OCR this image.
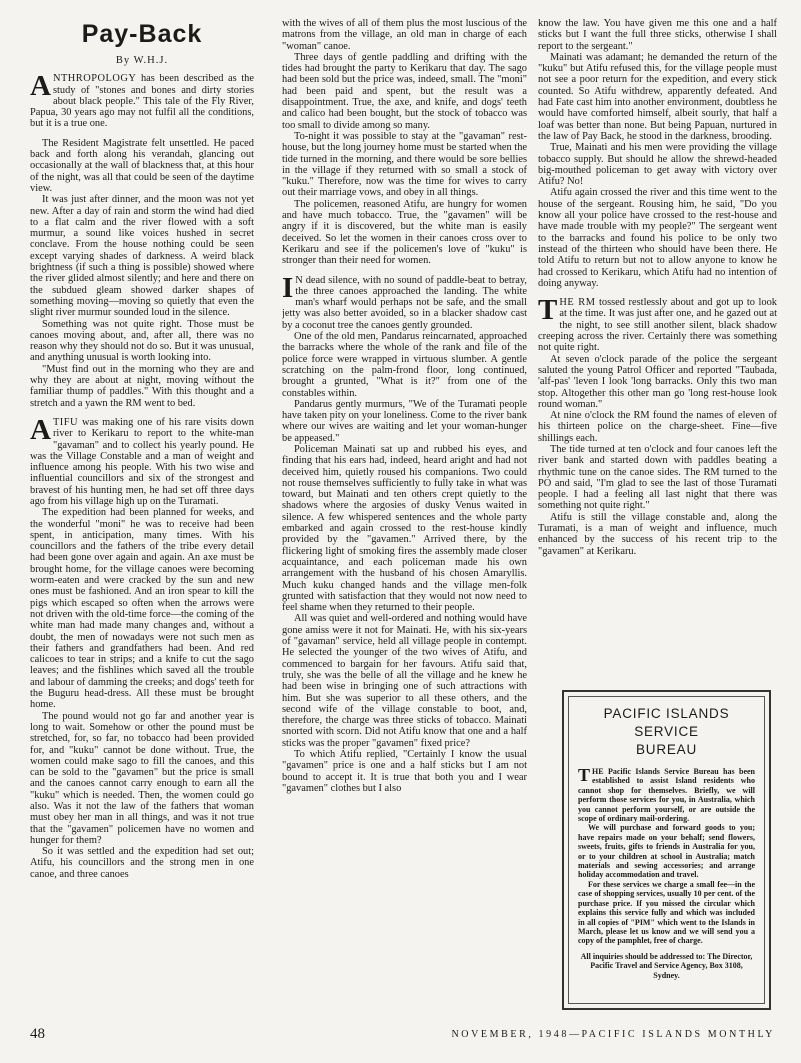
Pay-Back
By W.H.J.

ANTHROPOLOGY has been described as the study of "stones and bones and dirty stories about black people." This tale of the Fly River, Papua, 30 years ago may not fulfil all the conditions, but it is a true one.

The Resident Magistrate felt unsettled. He paced back and forth along his verandah, glancing out occasionally at the wall of blackness that, at this hour of the night, was all that could be seen of the daytime view.

It was just after dinner, and the moon was not yet new. After a day of rain and storm the wind had died to a flat calm and the river flowed with a soft murmur, a sound like voices hushed in secret conclave. From the house nothing could be seen except varying shades of darkness. A weird black brightness (if such a thing is possible) showed where the river glided almost silently; and here and there on the subdued gleam showed darker shapes of something moving—moving so quietly that even the slight river murmur sounded loud in the silence.

Something was not quite right. Those must be canoes moving about, and, after all, there was no reason why they should not do so. But it was unusual, and anything unusual is worth looking into.

"Must find out in the morning who they are and why they are about at night, moving without the familiar thump of paddles." With this thought and a stretch and a yawn the RM went to bed.

ATIFU was making one of his rare visits down river to Kerikaru to report to the white-man "gavaman" and to collect his yearly pound. He was the Village Constable and a man of weight and influence among his people. With his two wise and influential councillors and six of the strongest and bravest of his hunting men, he had set off three days ago from his village high up on the Turamati.

The expedition had been planned for weeks, and the wonderful "moni" he was to receive had been spent, in anticipation, many times. With his councillors and the fathers of the tribe every detail had been gone over again and again. An axe must be brought home, for the village canoes were becoming worm-eaten and were cracked by the sun and new ones must be fashioned. And an iron spear to kill the pigs which escaped so often when the arrows were not driven with the old-time force—the coming of the white man had made many changes and, without a doubt, the men of nowadays were not such men as their fathers and grandfathers had been. And red calicoes to tear in strips; and a knife to cut the sago leaves; and the fishlines which saved all the trouble and labour of damming the creeks; and dogs' teeth for the Buguru head-dress. All these must be brought home.

The pound would not go far and another year is long to wait. Somehow or other the pound must be stretched, for, so far, no tobacco had been provided for, and "kuku" cannot be done without. True, the women could make sago to fill the canoes, and this can be sold to the "gavamen" but the price is small and the canoes cannot carry enough to earn all the "kuku" which is needed. Then, the women could go also. Was it not the law of the fathers that woman must obey her man in all things, and was it not true that the "gavamen" policemen have no women and hunger for them?

So it was settled and the expedition had set out; Atifu, his councillors and the strong men in one canoe, and three canoes

with the wives of all of them plus the most luscious of the matrons from the village, an old man in charge of each "woman" canoe.

Three days of gentle paddling and drifting with the tides had brought the party to Kerikaru that day. The sago had been sold but the price was, indeed, small. The "moni" had been paid and spent, but the result was a disappointment. True, the axe, and knife, and dogs' teeth and calico had been bought, but the stock of tobacco was too small to divide among so many.

To-night it was possible to stay at the "gavaman" rest-house, but the long journey home must be started when the tide turned in the morning, and there would be sore bellies in the village if they returned with so small a stock of "kuku." Therefore, now was the time for wives to carry out their marriage vows, and obey in all things.

The policemen, reasoned Atifu, are hungry for women and have much tobacco. True, the "gavamen" will be angry if it is discovered, but the white man is easily deceived. So let the women in their canoes cross over to Kerikaru and see if the policemen's love of "kuku" is stronger than their need for women.

I N dead silence, with no sound of paddle-beat to betray, the three canoes approached the landing. The white man's wharf would perhaps not be safe, and the small jetty was also better avoided, so in a blacker shadow cast by a coconut tree the canoes gently grounded.

One of the old men, Pandarus reincarnated, approached the barracks where the whole of the rank and file of the police force were wrapped in virtuous slumber. A gentle scratching on the palm-frond floor, long continued, brought a grunted, "What is it?" from one of the constables within.

Pandarus gently murmurs, "We of the Turamati people have taken pity on your loneliness. Come to the river bank where our wives are waiting and let your woman-hunger be appeased."

Policeman Mainati sat up and rubbed his eyes, and finding that his ears had, indeed, heard aright and had not deceived him, quietly roused his companions. Two could not rouse themselves sufficiently to fully take in what was toward, but Mainati and ten others crept quietly to the shadows where the argosies of dusky Venus waited in silence. A few whispered sentences and the whole party embarked and again crossed to the rest-house kindly provided by the "gavamen." Arrived there, by the flickering light of smoking fires the assembly made closer acquaintance, and each policeman made his own arrangement with the husband of his chosen Amaryllis. Much kuku changed hands and the village men-folk grunted with satisfaction that they would not now need to feel shame when they returned to their people.

All was quiet and well-ordered and nothing would have gone amiss were it not for Mainati. He, with his six-years of "gavaman" service, held all village people in contempt. He selected the younger of the two wives of Atifu, and commenced to bargain for her favours. Atifu said that, truly, she was the belle of all the village and he knew he had been wise in bringing one of such attractions with him. But she was superior to all these others, and the second wife of the village constable to boot, and, therefore, the charge was three sticks of tobacco. Mainati snorted with scorn. Did not Atifu know that one and a half sticks was the proper "gavamen" fixed price?

To which Atifu replied, "Certainly I know the usual "gavamen" price is one and a half sticks but I am not bound to accept it. It is true that both you and I wear "gavamen" clothes but I also

know the law. You have given me this one and a half sticks but I want the full three sticks, otherwise I shall report to the sergeant."

Mainati was adamant; he demanded the return of the "kuku" but Atifu refused this, for the village people must not see a poor return for the expedition, and every stick counted. So Atifu withdrew, apparently defeated. And had Fate cast him into another environment, doubtless he would have comforted himself, albeit sourly, that half a loaf was better than none. But being Papuan, nurtured in the law of Pay Back, he stood in the darkness, brooding.

True, Mainati and his men were providing the village tobacco supply. But should he allow the shrewd-headed big-mouthed policeman to get away with victory over Atifu? No!

Atifu again crossed the river and this time went to the house of the sergeant. Rousing him, he said, "Do you know all your police have crossed to the rest-house and have made trouble with my people?" The sergeant went to the barracks and found his police to be only two instead of the thirteen who should have been there. He told Atifu to return but not to allow anyone to know he had crossed to Kerikaru, which Atifu had no intention of doing anyway.

THE RM tossed restlessly about and got up to look at the time. It was just after one, and he gazed out at the night, to see still another silent, black shadow creeping across the river. Certainly there was something not quite right.

At seven o'clock parade of the police the sergeant saluted the young Patrol Officer and reported "Taubada, 'alf-pas' 'leven I look 'long barracks. Only this two man stop. Altogether this other man go 'long rest-house look round woman."

At nine o'clock the RM found the names of eleven of his thirteen police on the charge-sheet. Fine—five shillings each.

The tide turned at ten o'clock and four canoes left the river bank and started down with paddles beating a rhythmic tune on the canoe sides. The RM turned to the PO and said, "I'm glad to see the last of those Turamati people. I had a feeling all last night that there was something not quite right."

Atifu is still the village constable and, along the Turamati, is a man of weight and influence, much enhanced by the success of his recent trip to the "gavamen" at Kerikaru.

PACIFIC ISLANDS SERVICE
BUREAU

THE Pacific Islands Service Bureau has been established to assist Island residents who cannot shop for themselves. Briefly, we will perform those services for you, in Australia, which you cannot perform yourself, or are outside the scope of ordinary mail-ordering.

We will purchase and forward goods to you; have repairs made on your behalf; send flowers, sweets, fruits, gifts to friends in Australia for you, or to your children at school in Australia; match materials and sewing accessories; and arrange holiday accommodation and travel.

For these services we charge a small fee—in the case of shopping services, usually 10 per cent. of the purchase price. If you missed the circular which explains this service fully and which was included in all copies of "PIM" which went to the Islands in March, please let us know and we will send you a copy of the pamphlet, free of charge.

All inquiries should be addressed to: The Director, Pacific Travel and Service Agency, Box 3108, Sydney.

48	NOVEMBER, 1948—PACIFIC ISLANDS MONTHLY
